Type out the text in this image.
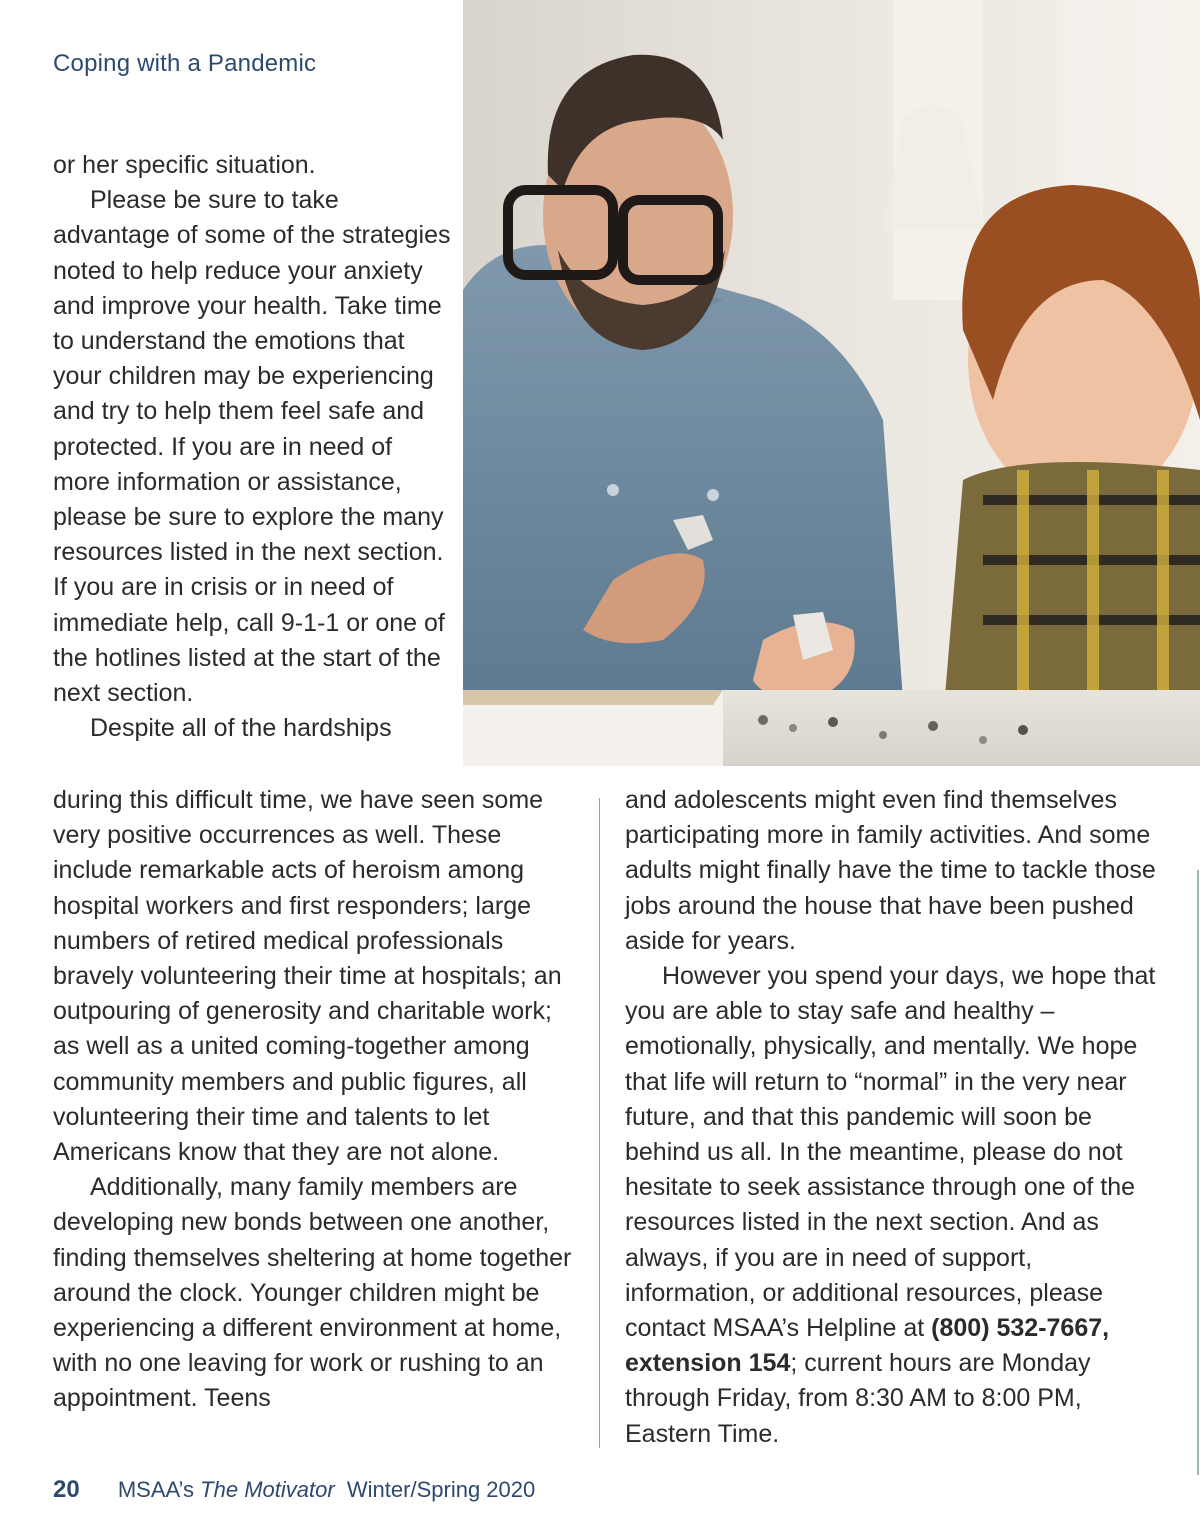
Coping with a Pandemic

or her specific situation.

Please be sure to take advantage of some of the strategies noted to help reduce your anxiety and improve your health. Take time to understand the emotions that your children may be experiencing and try to help them feel safe and protected. If you are in need of more information or assistance, please be sure to explore the many resources listed in the next section. If you are in crisis or in need of immediate help, call 9-1-1 or one of the hotlines listed at the start of the next section.

Despite all of the hardships

during this difficult time, we have seen some very positive occurrences as well. These include remarkable acts of heroism among hospital workers and first responders; large numbers of retired medical professionals bravely volunteering their time at hospitals; an outpouring of generosity and charitable work; as well as a united coming-together among community members and public figures, all volunteering their time and talents to let Americans know that they are not alone.

Additionally, many family members are developing new bonds between one another, finding themselves sheltering at home together around the clock. Younger children might be experiencing a different environment at home, with no one leaving for work or rushing to an appointment. Teens

and adolescents might even find themselves participating more in family activities. And some adults might finally have the time to tackle those jobs around the house that have been pushed aside for years.

However you spend your days, we hope that you are able to stay safe and healthy – emotionally, physically, and mentally. We hope that life will return to “normal” in the very near future, and that this pandemic will soon be behind us all. In the meantime, please do not hesitate to seek assistance through one of the resources listed in the next section. And as always, if you are in need of support, information, or additional resources, please contact MSAA’s Helpline at (800) 532-7667, extension 154; current hours are Monday through Friday, from 8:30 AM to 8:00 PM, Eastern Time.

20 MSAA’s The Motivator Winter/Spring 2020
